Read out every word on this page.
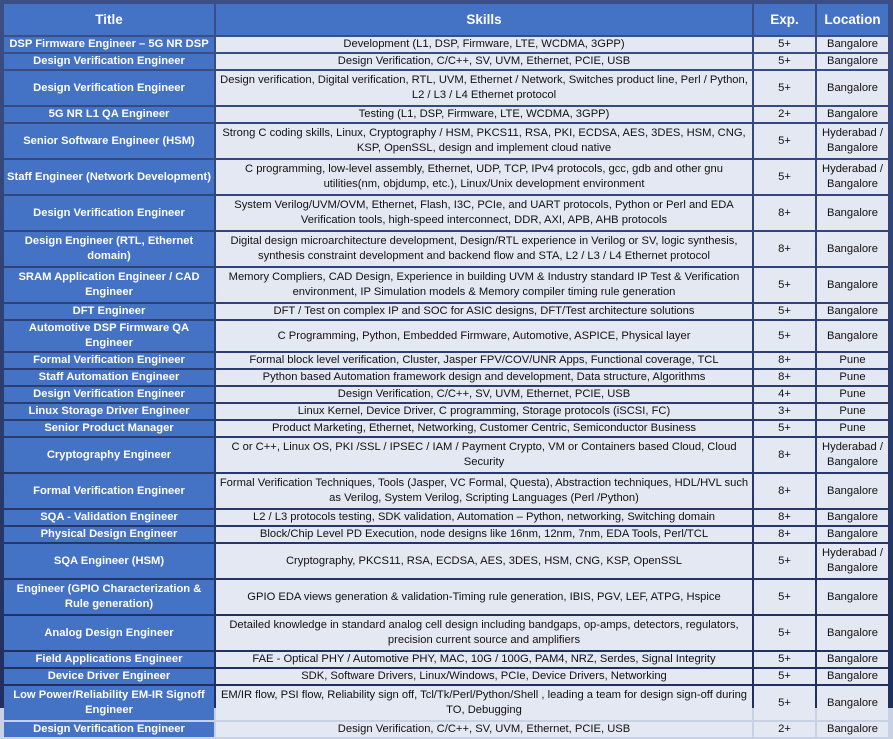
Title	Skills	Exp.	Location
DSP Firmware Engineer – 5G NR DSP	Development (L1, DSP, Firmware, LTE, WCDMA, 3GPP)	5+	Bangalore
Design Verification Engineer	Design Verification, C/C++, SV, UVM, Ethernet, PCIE, USB	5+	Bangalore
Design Verification Engineer	Design verification, Digital verification, RTL, UVM, Ethernet / Network, Switches product line, Perl / Python, L2 / L3 / L4 Ethernet protocol	5+	Bangalore
5G NR L1 QA Engineer	Testing (L1, DSP, Firmware, LTE, WCDMA, 3GPP)	2+	Bangalore
Senior Software Engineer (HSM)	Strong C coding skills, Linux, Cryptography / HSM, PKCS11, RSA, PKI, ECDSA, AES, 3DES, HSM, CNG, KSP, OpenSSL, design and implement cloud native	5+	Hyderabad / Bangalore
Staff Engineer (Network Development)	C programming, low-level assembly, Ethernet, UDP, TCP, IPv4 protocols, gcc, gdb and other gnu utilities(nm, objdump, etc.), Linux/Unix development environment	5+	Hyderabad / Bangalore
Design Verification Engineer	System Verilog/UVM/OVM, Ethernet, Flash, I3C, PCIe, and UART protocols, Python or Perl and EDA Verification tools, high-speed interconnect, DDR, AXI, APB, AHB protocols	8+	Bangalore
Design Engineer (RTL, Ethernet domain)	Digital design microarchitecture development, Design/RTL experience in Verilog or SV, logic synthesis, synthesis constraint development and backend flow and STA, L2 / L3 / L4 Ethernet protocol	8+	Bangalore
SRAM Application Engineer / CAD Engineer	Memory Compliers, CAD Design, Experience in building UVM & Industry standard IP Test & Verification environment, IP Simulation models & Memory compiler timing rule generation	5+	Bangalore
DFT Engineer	DFT / Test on complex IP and SOC for ASIC designs, DFT/Test architecture solutions	5+	Bangalore
Automotive DSP Firmware QA Engineer	C Programming, Python, Embedded Firmware, Automotive, ASPICE, Physical layer	5+	Bangalore
Formal Verification Engineer	Formal block level verification, Cluster, Jasper FPV/COV/UNR Apps, Functional coverage, TCL	8+	Pune
Staff Automation Engineer	Python based Automation framework design and development, Data structure, Algorithms	8+	Pune
Design Verification Engineer	Design Verification, C/C++, SV, UVM, Ethernet, PCIE, USB	4+	Pune
Linux Storage Driver Engineer	Linux Kernel, Device Driver, C programming, Storage protocols (iSCSI, FC)	3+	Pune
Senior Product Manager	Product Marketing, Ethernet, Networking, Customer Centric, Semiconductor Business	5+	Pune
Cryptography Engineer	C or C++, Linux OS, PKI /SSL / IPSEC / IAM / Payment Crypto, VM or Containers based Cloud, Cloud Security	8+	Hyderabad / Bangalore
Formal Verification Engineer	Formal Verification Techniques, Tools (Jasper, VC Formal, Questa), Abstraction techniques, HDL/HVL such as Verilog, System Verilog, Scripting Languages (Perl /Python)	8+	Bangalore
SQA - Validation Engineer	L2 / L3 protocols testing, SDK validation, Automation – Python, networking, Switching domain	8+	Bangalore
Physical Design Engineer	Block/Chip Level PD Execution, node designs like 16nm, 12nm, 7nm, EDA Tools, Perl/TCL	8+	Bangalore
SQA Engineer (HSM)	Cryptography, PKCS11, RSA, ECDSA, AES, 3DES, HSM, CNG, KSP, OpenSSL	5+	Hyderabad / Bangalore
Engineer (GPIO Characterization & Rule generation)	GPIO EDA views generation & validation-Timing rule generation, IBIS, PGV, LEF, ATPG, Hspice	5+	Bangalore
Analog Design Engineer	Detailed knowledge in standard analog cell design including bandgaps, op-amps, detectors, regulators, precision current source and amplifiers	5+	Bangalore
Field Applications Engineer	FAE - Optical PHY / Automotive PHY, MAC, 10G / 100G, PAM4, NRZ, Serdes, Signal Integrity	5+	Bangalore
Device Driver Engineer	SDK, Software Drivers, Linux/Windows, PCIe, Device Drivers, Networking	5+	Bangalore
Low Power/Reliability EM-IR Signoff Engineer	EM/IR flow, PSI flow, Reliability sign off, Tcl/Tk/Perl/Python/Shell , leading a team for design sign-off during TO, Debugging	5+	Bangalore
Design Verification Engineer	Design Verification, C/C++, SV, UVM, Ethernet, PCIE, USB	2+	Bangalore
